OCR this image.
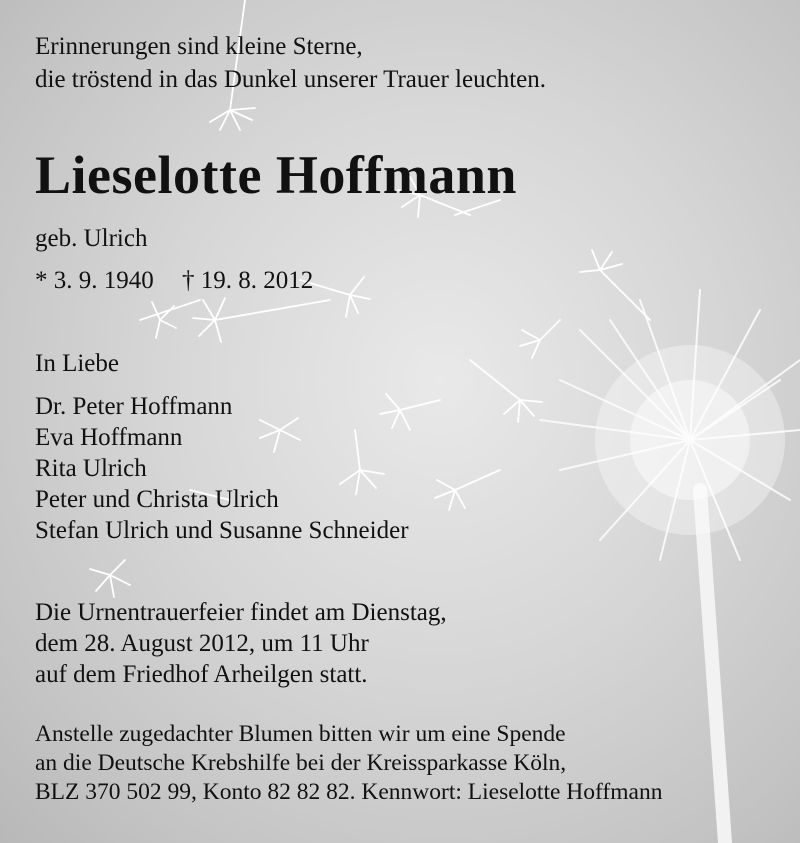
Erinnerungen sind kleine Sterne,
die tröstend in das Dunkel unserer Trauer leuchten.
Lieselotte Hoffmann
geb. Ulrich
* 3. 9. 1940 † 19. 8. 2012
In Liebe
Dr. Peter Hoffmann
Eva Hoffmann
Rita Ulrich
Peter und Christa Ulrich
Stefan Ulrich und Susanne Schneider
Die Urnentrauerfeier findet am Dienstag,
dem 28. August 2012, um 11 Uhr
auf dem Friedhof Arheilgen statt.
Anstelle zugedachter Blumen bitten wir um eine Spende
an die Deutsche Krebshilfe bei der Kreissparkasse Köln,
BLZ 370 502 99, Konto 82 82 82. Kennwort: Lieselotte Hoffmann
